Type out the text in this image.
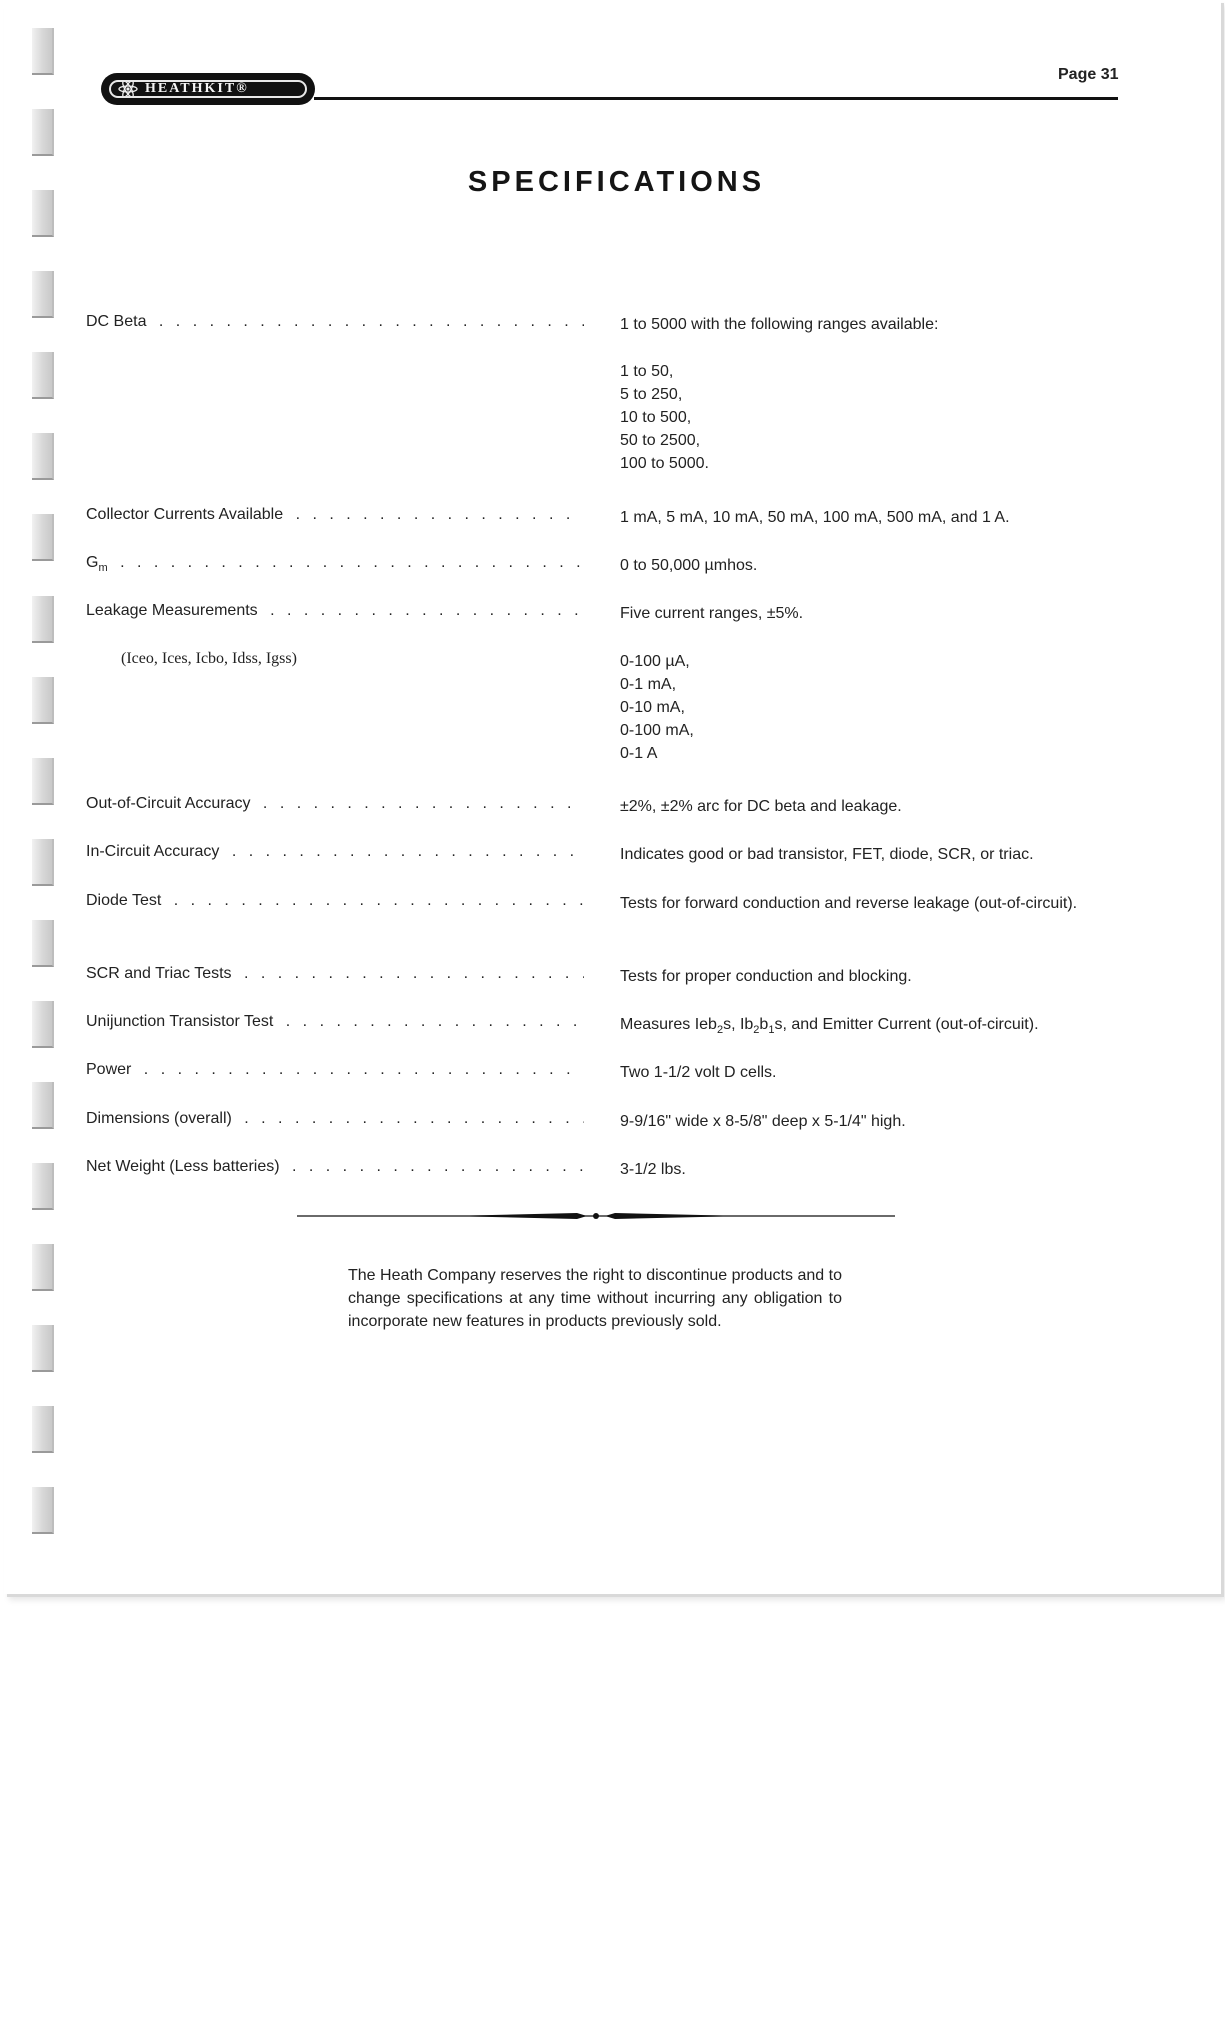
HEATHKIT®
Page 31
SPECIFICATIONS
DC Beta . . .	1 to 5000 with the following ranges available:
1 to 50,
5 to 250,
10 to 500,
50 to 2500,
100 to 5000.
Collector Currents Available . . .	1 mA, 5 mA, 10 mA, 50 mA, 100 mA, 500 mA, and 1 A.
$G_m$ . . .	0 to 50,000 µmhos.
Leakage Measurements . . .	Five current ranges, ±5%.
(Iceo, Ices, Icbo, Idss, Igss)	0-100 µA,
0-1 mA,
0-10 mA,
0-100 mA,
0-1 A
Out-of-Circuit Accuracy . . .	±2%, ±2% arc for DC beta and leakage.
In-Circuit Accuracy . . .	Indicates good or bad transistor, FET, diode, SCR, or triac.
Diode Test . . .	Tests for forward conduction and reverse leakage (out-of-circuit).
SCR and Triac Tests . . .	Tests for proper conduction and blocking.
Unijunction Transistor Test . . .	Measures Ieb$_2$s, $Ib_2b_1s$, and Emitter Current (out-of-circuit).
Power . . .	Two 1-1/2 volt D cells.
Dimensions (overall) . . .	9-9/16" wide x 8-5/8" deep x 5-1/4" high.
Net Weight (Less batteries) . . .	3-1/2 lbs.
The Heath Company reserves the right to discontinue products and to change specifications at any time without incurring any obligation to incorporate new features in products previously sold.
